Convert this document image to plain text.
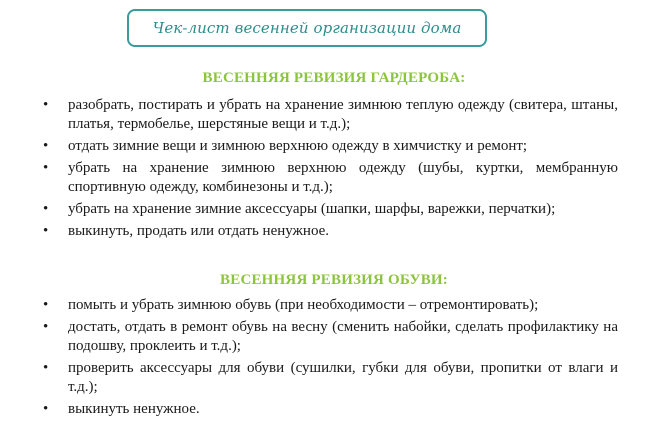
Чек-лист весенней организации дома
ВЕСЕННЯЯ РЕВИЗИЯ ГАРДЕРОБА:
• разобрать, постирать и убрать на хранение зимнюю теплую одежду (свитера, штаны, платья, термобелье, шерстяные вещи и т.д.);
• отдать зимние вещи и зимнюю верхнюю одежду в химчистку и ремонт;
• убрать на хранение зимнюю верхнюю одежду (шубы, куртки, мембранную спортивную одежду, комбинезоны и т.д.);
• убрать на хранение зимние аксессуары (шапки, шарфы, варежки, перчатки);
• выкинуть, продать или отдать ненужное.
ВЕСЕННЯЯ РЕВИЗИЯ ОБУВИ:
• помыть и убрать зимнюю обувь (при необходимости – отремонтировать);
• достать, отдать в ремонт обувь на весну (сменить набойки, сделать профилактику на подошву, проклеить и т.д.);
• проверить аксессуары для обуви (сушилки, губки для обуви, пропитки от влаги и т.д.);
• выкинуть ненужное.
